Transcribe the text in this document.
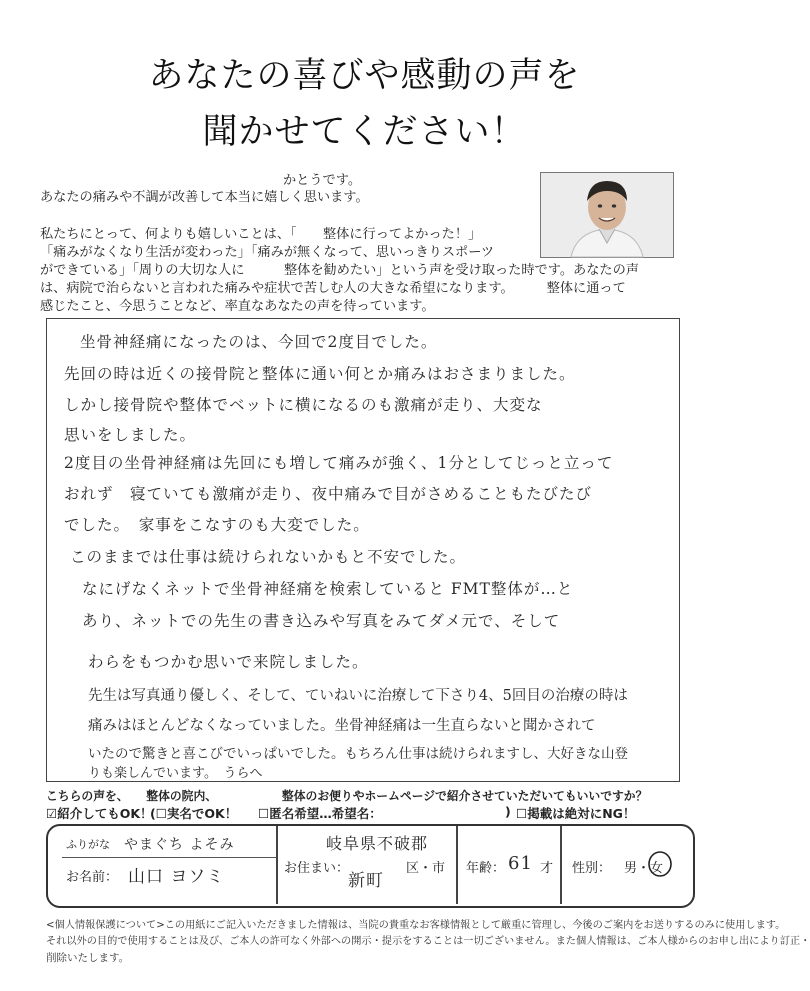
あなたの喜びや感動の声を
聞かせてください！
かとうです。
あなたの痛みや不調が改善して本当に嬉しく思います。
私たちにとって、何よりも嬉しいことは、「　　整体に行ってよかった！」
「痛みがなくなり生活が変わった」「痛みが無くなって、思いっきりスポーツ
ができている」「周りの大切な人に　　　整体を勧めたい」という声を受け取った時です。あなたの声
は、病院で治らないと言われた痛みや症状で苦しむ人の大きな希望になります。　　　整体に通って
感じたこと、今思うことなど、率直なあなたの声を待っています。
坐骨神経痛になったのは、今回で2度目でした。
先回の時は近くの接骨院と整体に通い何とか痛みはおさまりました。
しかし接骨院や整体でベットに横になるのも激痛が走り、大変な
思いをしました。
2度目の坐骨神経痛は先回にも増して痛みが強く、1分としてじっと立って
おれず　寝ていても激痛が走り、夜中痛みで目がさめることもたびたび
でした。　家事をこなすのも大変でした。
このままでは仕事は続けられないかもと不安でした。
なにげなくネットで坐骨神経痛を検索していると FMT整体が…と
あり、ネットでの先生の書き込みや写真をみてダメ元で、そして
わらをもつかむ思いで来院しました。
先生は写真通り優しく、そして、ていねいに治療して下さり4、5回目の治療の時は
痛みはほとんどなくなっていました。坐骨神経痛は一生直らないと聞かされて
いたので驚きと喜こびでいっぱいでした。もちろん仕事は続けられますし、大好きな山登
りも楽しんでいます。　うらへ
こちらの声を、　　整体の院内、　　　　　　整体のお便りやホームページで紹介させていただいてもいいですか？
☑紹介してもOK！
(☐実名でOK！ ☐匿名希望…希望名：	) ☐掲載は絶対にNG！
ふりがな やまぐち よそみ
お名前： 山口 ヨソミ	お住まい：
岐阜県不破郡
新町
区・市 年齢： 61 才 性別： 男・女
<個人情報保護について>この用紙にご記入いただきました情報は、当院の貴重なお客様情報として厳重に管理し、今後のご案内をお送りするのみに使用します。
それ以外の目的で使用することは及び、ご本人の許可なく外部への開示・提示をすることは一切ございません。また個人情報は、ご本人様からのお申し出により訂正・
削除いたします。
